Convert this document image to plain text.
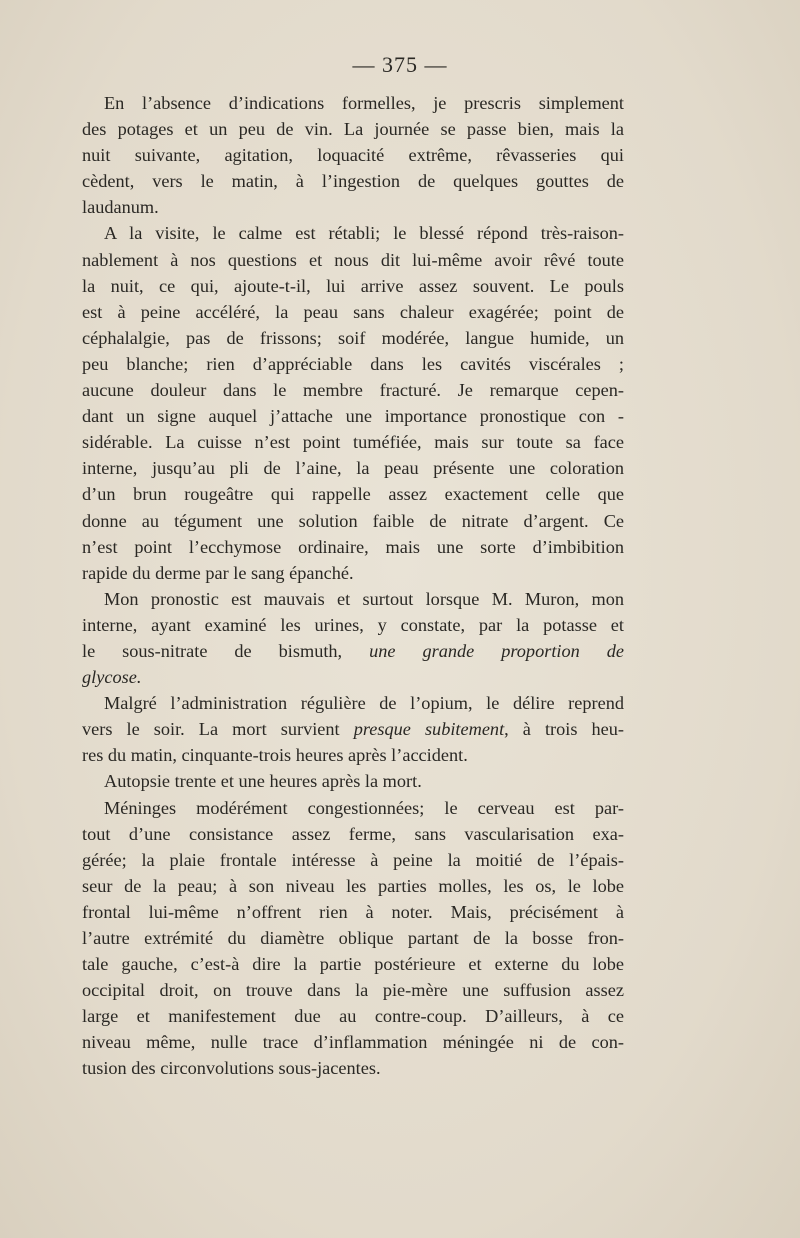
— 375 —
En l’absence d’indications formelles, je prescris simplement
des potages et un peu de vin. La journée se passe bien, mais la
nuit suivante, agitation, loquacité extrême, rêvasseries qui
cèdent, vers le matin, à l’ingestion de quelques gouttes de
laudanum.
A la visite, le calme est rétabli; le blessé répond très-raison-
nablement à nos questions et nous dit lui-même avoir rêvé toute
la nuit, ce qui, ajoute-t-il, lui arrive assez souvent. Le pouls
est à peine accéléré, la peau sans chaleur exagérée; point de
céphalalgie, pas de frissons; soif modérée, langue humide, un
peu blanche; rien d’appréciable dans les cavités viscérales ;
aucune douleur dans le membre fracturé. Je remarque cepen-
dant un signe auquel j’attache une importance pronostique con -
sidérable. La cuisse n’est point tuméfiée, mais sur toute sa face
interne, jusqu’au pli de l’aine, la peau présente une coloration
d’un brun rougeâtre qui rappelle assez exactement celle que
donne au tégument une solution faible de nitrate d’argent. Ce
n’est point l’ecchymose ordinaire, mais une sorte d’imbibition
rapide du derme par le sang épanché.
Mon pronostic est mauvais et surtout lorsque M. Muron, mon
interne, ayant examiné les urines, y constate, par la potasse et
le sous-nitrate de bismuth, une grande proportion de
glycose.
Malgré l’administration régulière de l’opium, le délire reprend
vers le soir. La mort survient presque subitement, à trois heu-
res du matin, cinquante-trois heures après l’accident.
Autopsie trente et une heures après la mort.
Méninges modérément congestionnées; le cerveau est par-
tout d’une consistance assez ferme, sans vascularisation exa-
gérée; la plaie frontale intéresse à peine la moitié de l’épais-
seur de la peau; à son niveau les parties molles, les os, le lobe
frontal lui-même n’offrent rien à noter. Mais, précisément à
l’autre extrémité du diamètre oblique partant de la bosse fron-
tale gauche, c’est-à dire la partie postérieure et externe du lobe
occipital droit, on trouve dans la pie-mère une suffusion assez
large et manifestement due au contre-coup. D’ailleurs, à ce
niveau même, nulle trace d’inflammation méningée ni de con-
tusion des circonvolutions sous-jacentes.
